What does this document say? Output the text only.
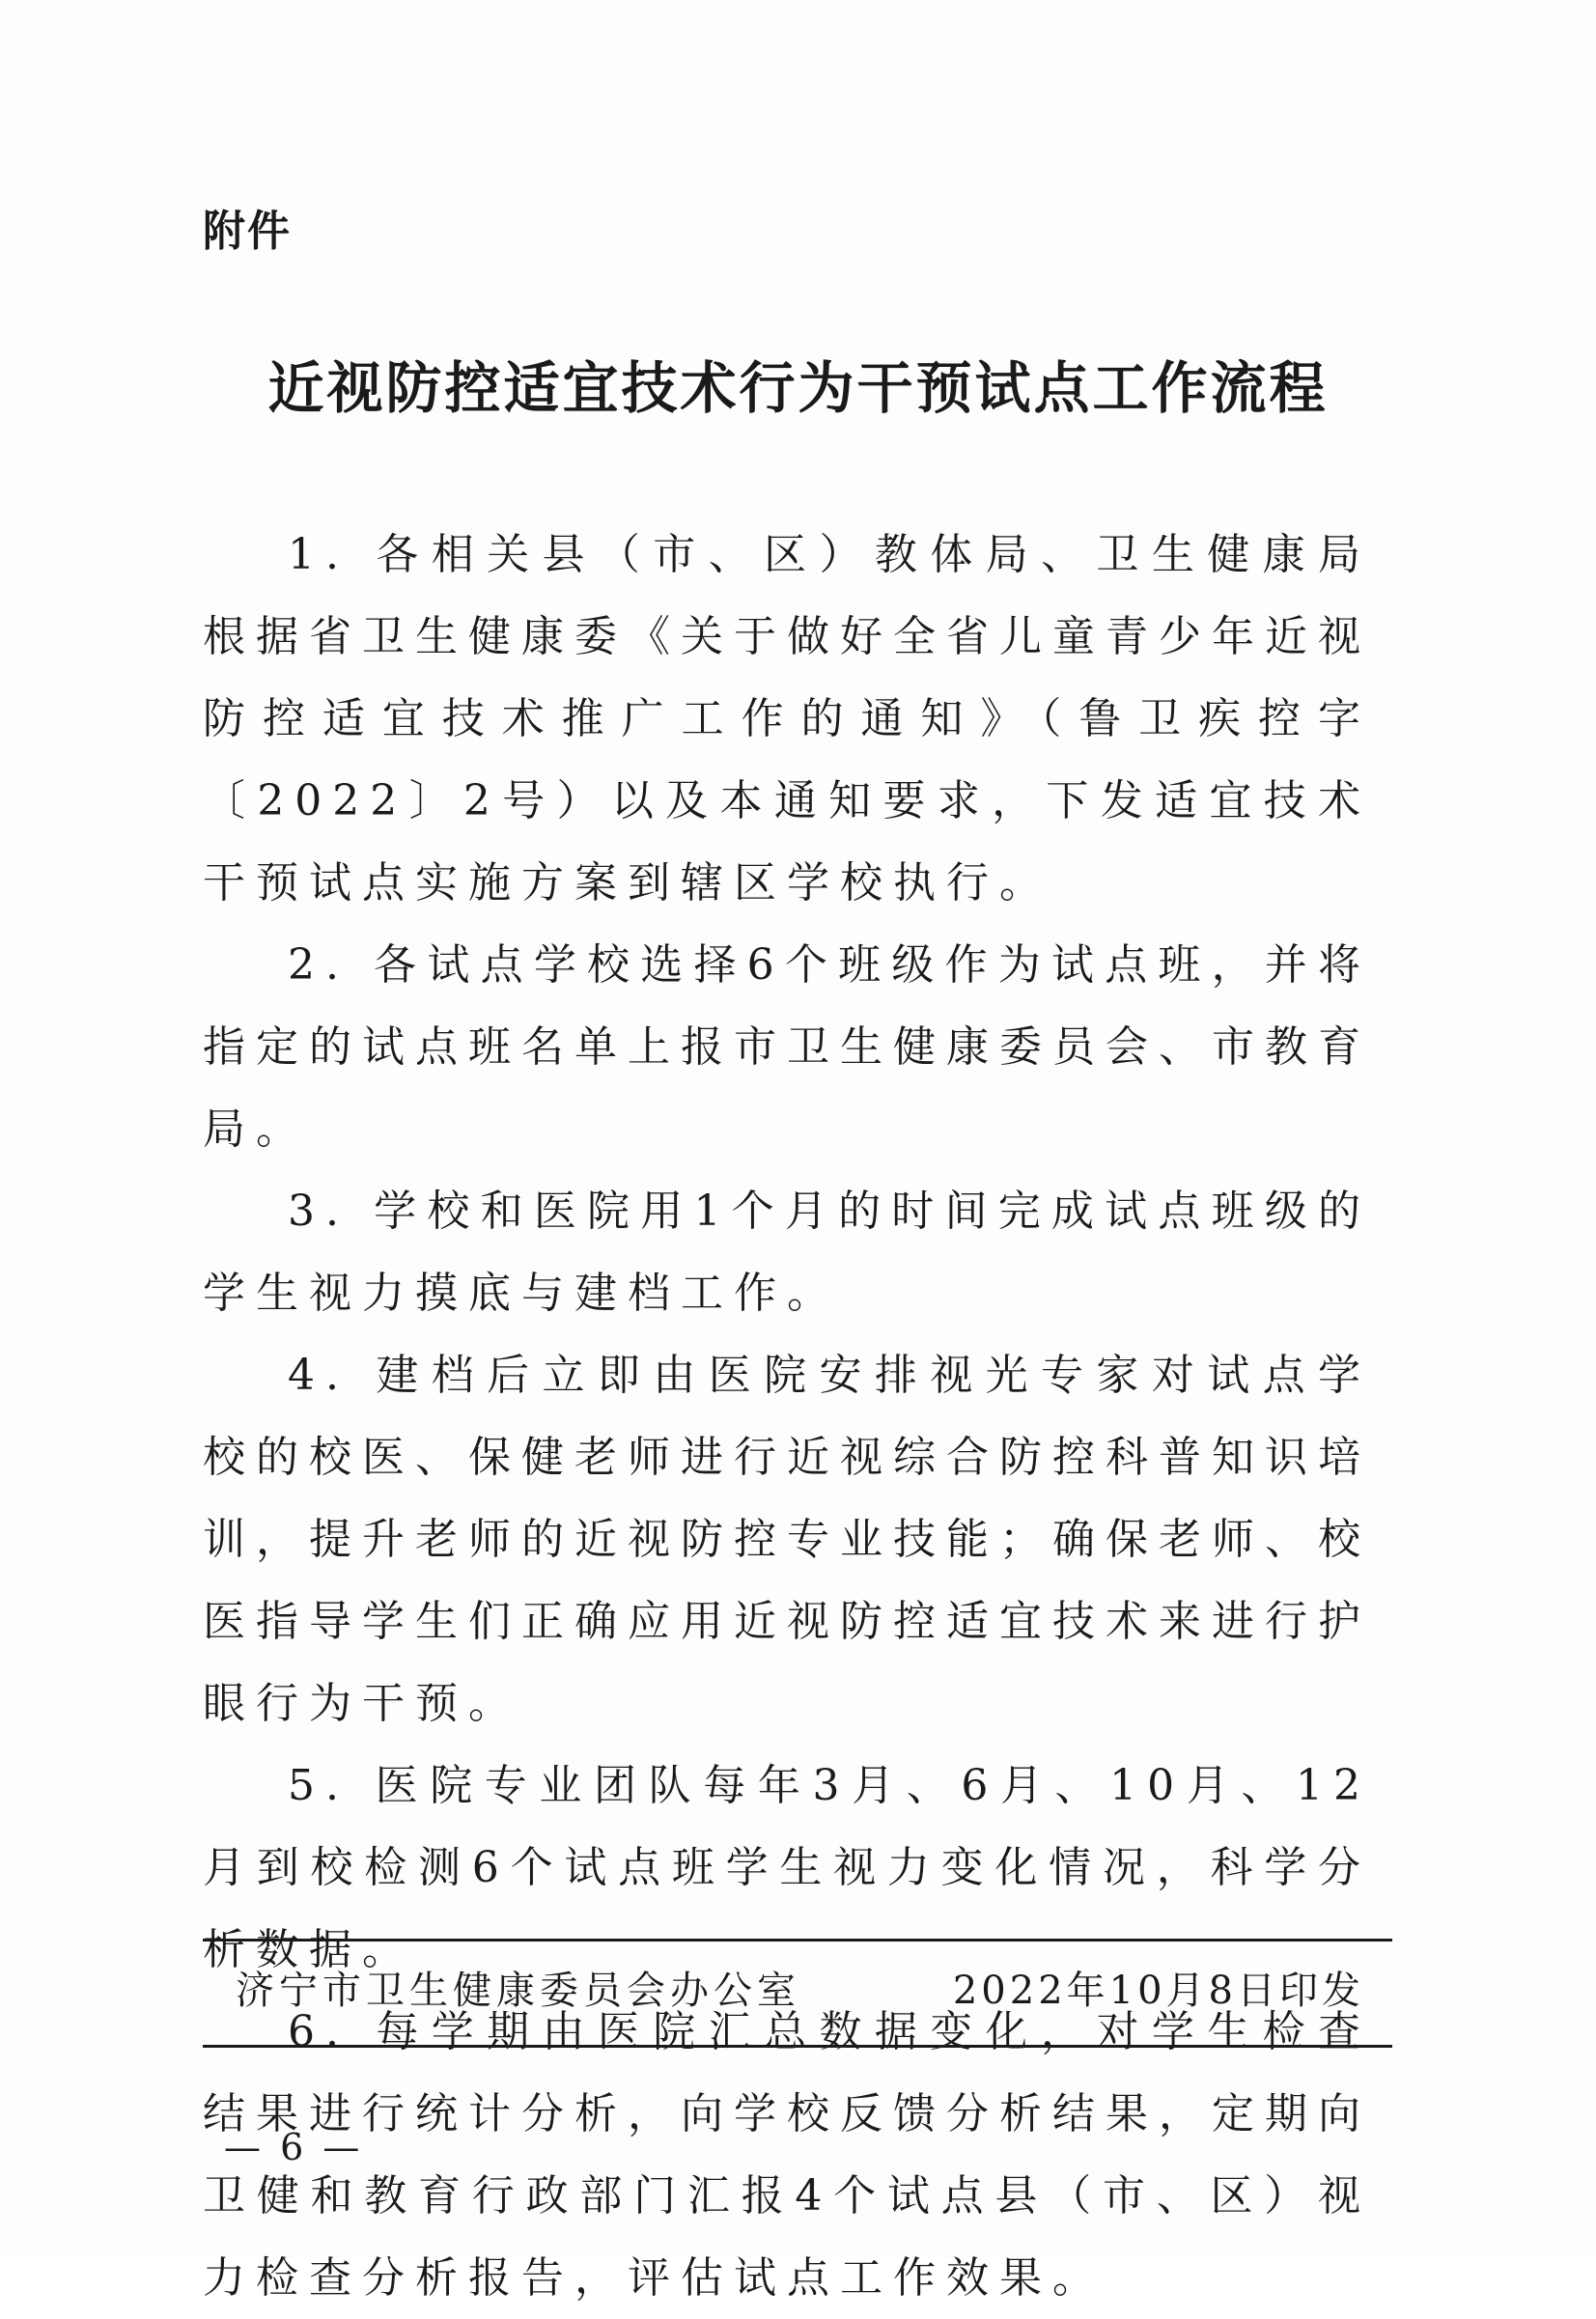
附件
近视防控适宜技术行为干预试点工作流程

1. 各相关县（市、区）教体局、卫生健康局根据省卫生健康委《关于做好全省儿童青少年近视防控适宜技术推广工作的通知》（鲁卫疾控字〔2022〕2号）以及本通知要求，下发适宜技术干预试点实施方案到辖区学校执行。

2. 各试点学校选择6个班级作为试点班，并将指定的试点班名单上报市卫生健康委员会、市教育局。

3. 学校和医院用1个月的时间完成试点班级的学生视力摸底与建档工作。

4. 建档后立即由医院安排视光专家对试点学校的校医、保健老师进行近视综合防控科普知识培训，提升老师的近视防控专业技能；确保老师、校医指导学生们正确应用近视防控适宜技术来进行护眼行为干预。

5. 医院专业团队每年3月、6月、10月、12月到校检测6个试点班学生视力变化情况，科学分析数据。

6. 每学期由医院汇总数据变化，对学生检查结果进行统计分析，向学校反馈分析结果，定期向卫健和教育行政部门汇报4个试点县（市、区）视力检查分析报告，评估试点工作效果。

济宁市卫生健康委员会办公室	2022年10月8日印发
— 6 —
